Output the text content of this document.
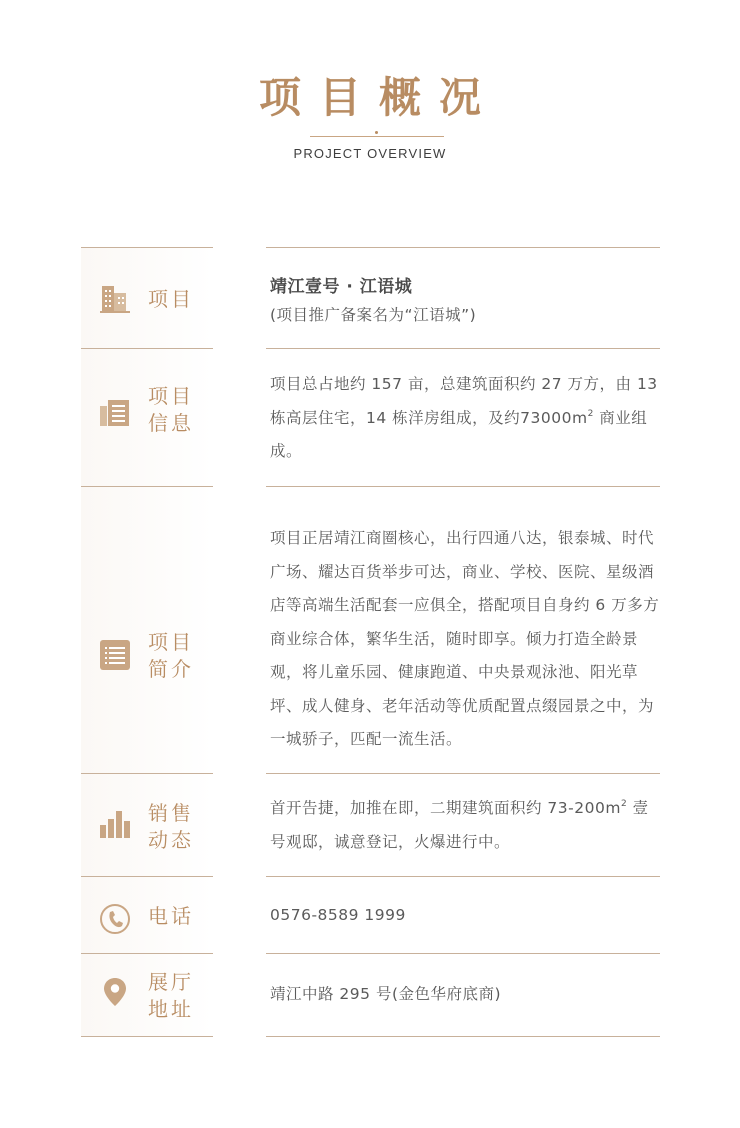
项目概况
PROJECT OVERVIEW
项目	靖江壹号 · 江语城
(项目推广备案名为“江语城”)
项目
信息
项目总占地约 157 亩，总建筑面积约 27 万方，由 13 栋高层住宅，14 栋洋房组成，及约$73000m^2$ 商业组成。
项目
简介
项目正居靖江商圈核心，出行四通八达，银泰城、时代广场、耀达百货举步可达，商业、学校、医院、星级酒店等高端生活配套一应俱全，搭配项目自身约 6 万多方商业综合体，繁华生活，随时即享。倾力打造全龄景观，将儿童乐园、健康跑道、中央景观泳池、阳光草坪、成人健身、老年活动等优质配置点缀园景之中，为一城骄子，匹配一流生活。
销售
动态
首开告捷，加推在即，二期建筑面积约 $73-200m^2$ 壹号观邸，诚意登记，火爆进行中。
电话	0576-8589 1999
展厅
地址
靖江中路 295 号(金色华府底商)
